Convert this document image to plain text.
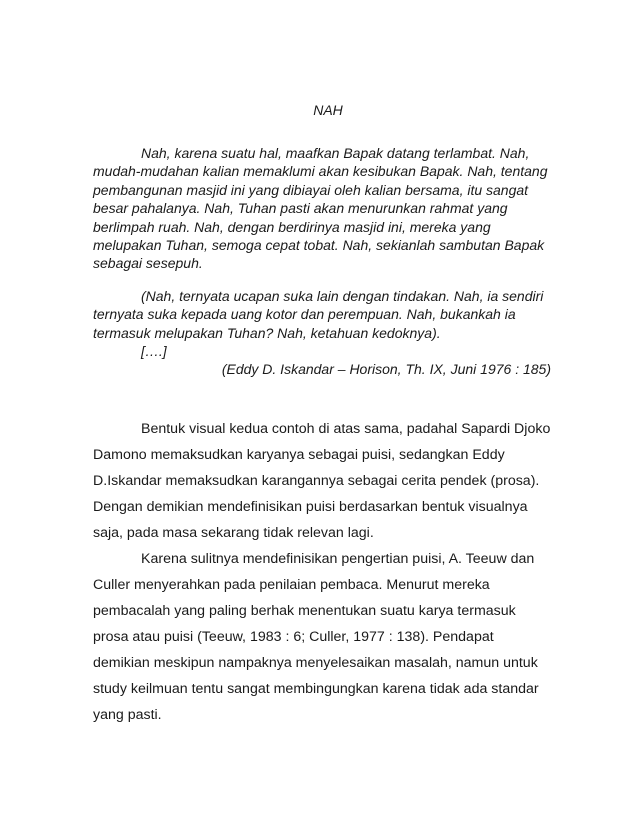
NAH

Nah, karena suatu hal, maafkan Bapak datang terlambat. Nah, mudah-mudahan kalian memaklumi akan kesibukan Bapak. Nah, tentang pembangunan masjid ini yang dibiayai oleh kalian bersama, itu sangat besar pahalanya. Nah, Tuhan pasti akan menurunkan rahmat yang berlimpah ruah. Nah, dengan berdirinya masjid ini, mereka yang melupakan Tuhan, semoga cepat tobat. Nah, sekianlah sambutan Bapak sebagai sesepuh.

(Nah, ternyata ucapan suka lain dengan tindakan. Nah, ia sendiri ternyata suka kepada uang kotor dan perempuan. Nah, bukankah ia termasuk melupakan Tuhan? Nah, ketahuan kedoknya).

[….]

(Eddy D. Iskandar – Horison, Th. IX, Juni 1976 : 185)

Bentuk visual kedua contoh di atas sama, padahal Sapardi Djoko Damono memaksudkan karyanya sebagai puisi, sedangkan Eddy D.Iskandar memaksudkan karangannya sebagai cerita pendek (prosa). Dengan demikian mendefinisikan puisi berdasarkan bentuk visualnya saja, pada masa sekarang tidak relevan lagi.

Karena sulitnya mendefinisikan pengertian puisi, A. Teeuw dan Culler menyerahkan pada penilaian pembaca. Menurut mereka pembacalah yang paling berhak menentukan suatu karya termasuk prosa atau puisi (Teeuw, 1983 : 6; Culler, 1977 : 138). Pendapat demikian meskipun nampaknya menyelesaikan masalah, namun untuk study keilmuan tentu sangat membingungkan karena tidak ada standar yang pasti.
